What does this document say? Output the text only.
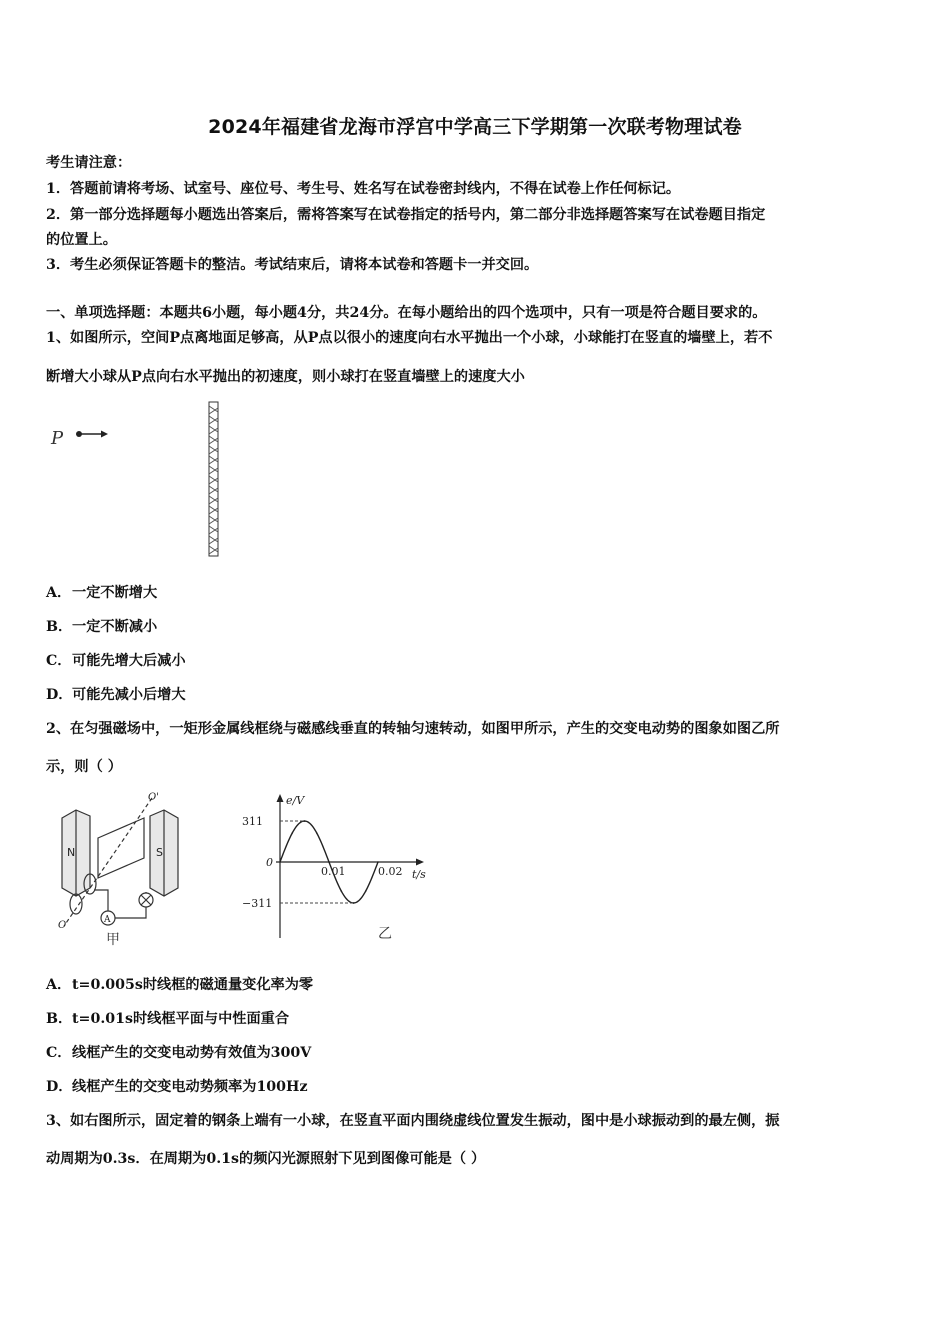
2024年福建省龙海市浮宫中学高三下学期第一次联考物理试卷
考生请注意：
1．答题前请将考场、试室号、座位号、考生号、姓名写在试卷密封线内，不得在试卷上作任何标记。
2．第一部分选择题每小题选出答案后，需将答案写在试卷指定的括号内，第二部分非选择题答案写在试卷题目指定
的位置上。
3．考生必须保证答题卡的整洁。考试结束后，请将本试卷和答题卡一并交回。
一、单项选择题：本题共6小题，每小题4分，共24分。在每小题给出的四个选项中，只有一项是符合题目要求的。
1、如图所示，空间P点离地面足够高，从P点以很小的速度向右水平抛出一个小球，小球能打在竖直的墙壁上，若不
断增大小球从P点向右水平抛出的初速度，则小球打在竖直墙壁上的速度大小
P
A．一定不断增大
B．一定不断减小
C．可能先增大后减小
D．可能先减小后增大
2、在匀强磁场中，一矩形金属线框绕与磁感线垂直的转轴匀速转动，如图甲所示，产生的交变电动势的图象如图乙所
示，则（ ）
N	S
O'
O	A
甲
311
−311
0.01	0.02
e/V
t/s
0
乙
A．t=0.005s时线框的磁通量变化率为零
B．t=0.01s时线框平面与中性面重合
C．线框产生的交变电动势有效值为300V
D．线框产生的交变电动势频率为100Hz
3、如右图所示，固定着的钢条上端有一小球，在竖直平面内围绕虚线位置发生振动，图中是小球振动到的最左侧，振
动周期为0.3s．在周期为0.1s的频闪光源照射下见到图像可能是（ ）
